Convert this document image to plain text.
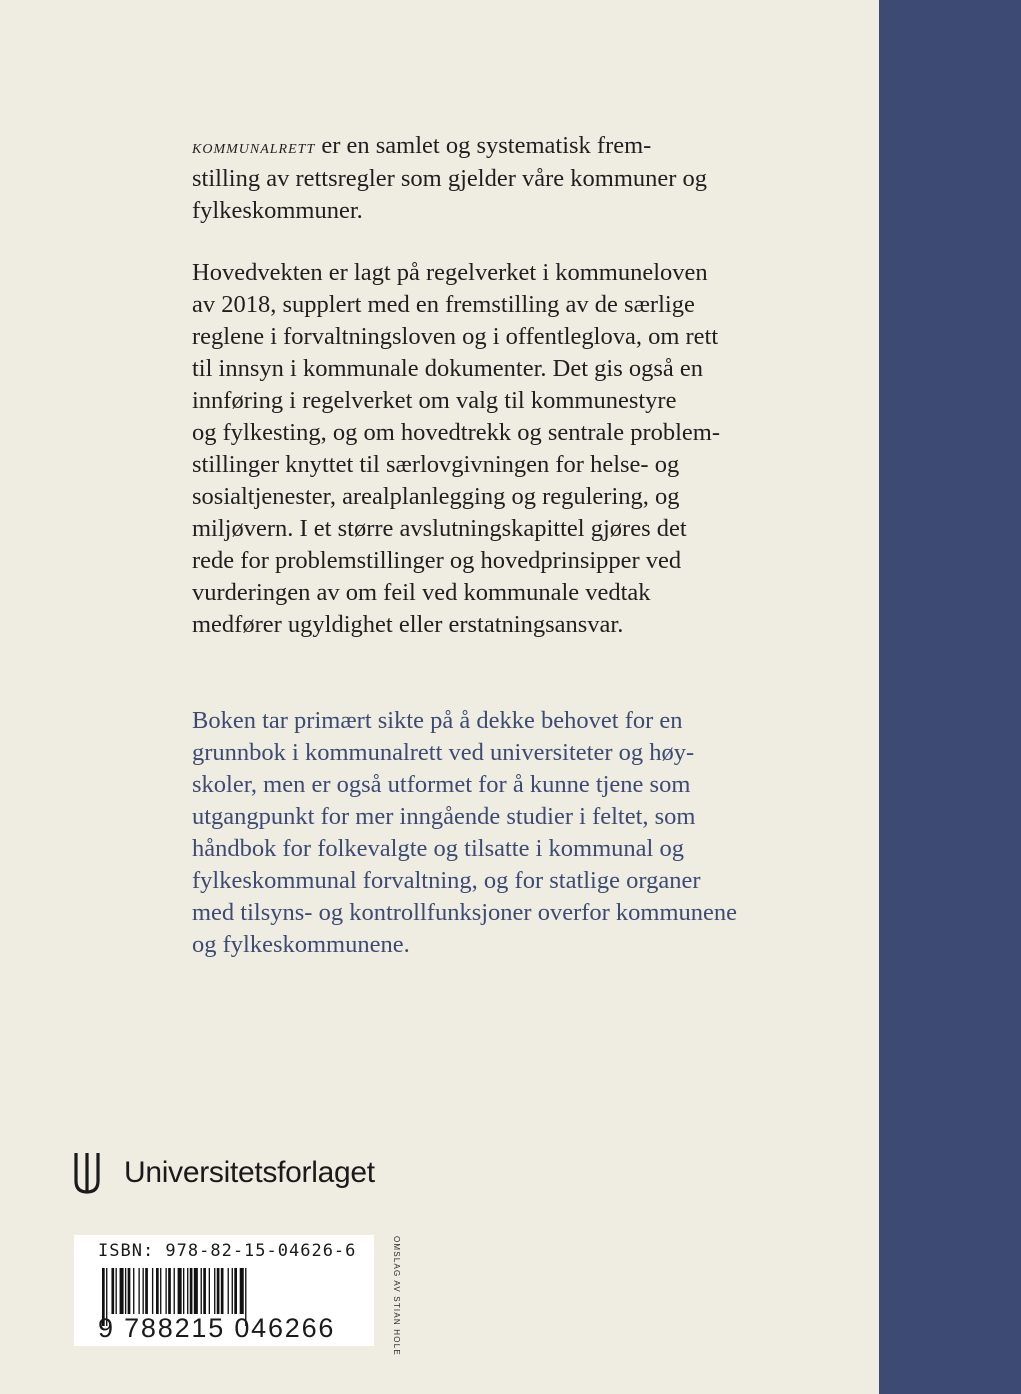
kommunalrett er en samlet og systematisk frem-
stilling av rettsregler som gjelder våre kommuner og
fylkeskommuner.
Hovedvekten er lagt på regelverket i kommuneloven
av 2018, supplert med en fremstilling av de særlige
reglene i forvaltningsloven og i offentleglova, om rett
til innsyn i kommunale dokumenter. Det gis også en
innføring i regelverket om valg til kommunestyre
og fylkesting, og om hovedtrekk og sentrale problem-
stillinger knyttet til særlovgivningen for helse- og
sosialtjenester, arealplanlegging og regulering, og
miljøvern. I et større avslutningskapittel gjøres det
rede for problemstillinger og hovedprinsipper ved
vurderingen av om feil ved kommunale vedtak
medfører ugyldighet eller erstatningsansvar.
Boken tar primært sikte på å dekke behovet for en
grunnbok i kommunalrett ved universiteter og høy-
skoler, men er også utformet for å kunne tjene som
utgangpunkt for mer inngående studier i feltet, som
håndbok for folkevalgte og tilsatte i kommunal og
fylkeskommunal forvaltning, og for statlige organer
med tilsyns- og kontrollfunksjoner overfor kommunene
og fylkeskommunene.
Universitetsforlaget
ISBN: 978-82-15-04626-6
9 788215 046266	OMSLAG AV STIAN HOLE
